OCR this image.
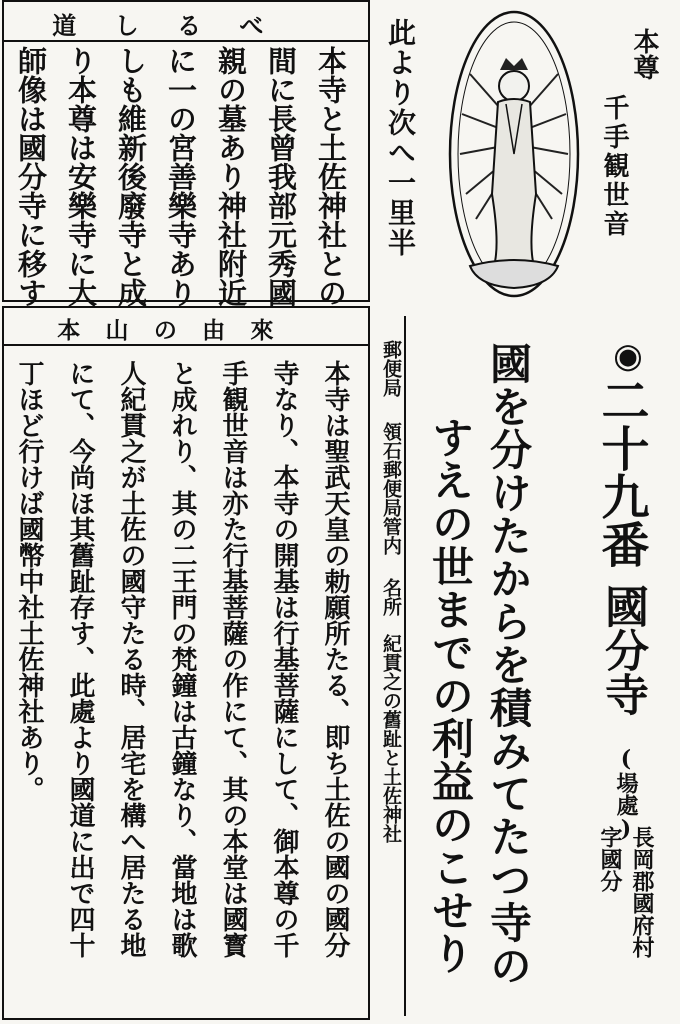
道しるべ
本寺と土佐神社との
間に長曾我部元秀國
親の墓あり神社附近
に一の宮善樂寺あり
しも維新後廢寺と成
り本尊は安樂寺に大
師像は國分寺に移す	此より次へ一里半	本尊
千手観世音
本山の由來
本寺は聖武天皇の勅願所たる、即ち土佐の國の國分
寺なり、本寺の開基は行基菩薩にして、御本尊の千
手観世音は亦た行基菩薩の作にて、其の本堂は國寳
と成れり、其の二王門の梵鐘は古鐘なり、當地は歌
人紀貫之が土佐の國守たる時、居宅を構へ居たる地
にて、今尚ほ其舊趾存す、此處より國道に出で四十
丁ほど行けば國幣中社土佐神社あり。	郵便局
領石郵便局管内
名所
紀貫之の舊趾と土佐神社
◉
二十九番
國分寺
(場處)
長岡郡國府村
字國分
國を分けたからを積みてたつ寺の
すえの世までの利益のこせり
